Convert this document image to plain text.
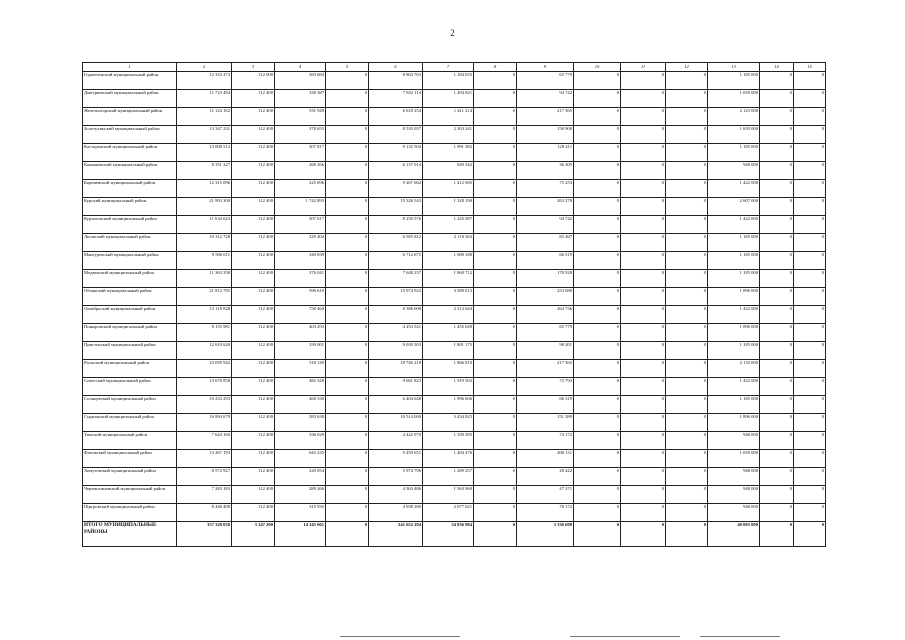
2
1	2	3	4	5	6	7	8	9	10	11	12	13	14	15
Горшеченский муниципальный район	12 333 473	112 000	383 684	0	8 863 763	1 184 655	0	63 779	0	0	0	1 185 000	0	0
Дмитриевский муниципальный район	11 723 484	112 400	330 387	0	7 832 114	1 494 821	0	94 742	0	0	0	1 659 000	0	0
Железногорский муниципальный район	11 124 162	112 400	531 949	0	6 618 254	1 411 214	0	217 365	0	0	0	2 123 000	0	0
Золотухинский муниципальный район	13 347 231	112 400	378 653	0	8 535 037	2 303 241	0	158 900	0	0	0	1 659 000	0	0
Касторенский муниципальный район	13 008 512	112 400	307 817	0	9 132 504	1 991 382	0	129 411	0	0	0	1 185 000	0	0
Конышевский муниципальный район	8 351 327	112 400	268 266	0	6 137 014	849 342	0	36 205	0	0	0	948 000	0	0
Кореневский муниципальный район	12 315 096	112 400	225 696	0	9 267 662	1 412 085	0	75 253	0	0	0	1 422 000	0	0
Курский муниципальный район	21 993 300	112 400	1 742 893	0	15 326 543	1 328 190	0	263 278	0	0	0	2 607 000	0	0
Курчатовский муниципальный район	11 634 623	112 400	507 617	0	8 250 576	1 245 087	0	94 742	0	0	0	1 422 000	0	0
Льговский муниципальный район	10 312 728	112 400	229 404	0	6 585 812	2 118 563	0	83 267	0	0	0	1 185 000	0	0
Мантуровский муниципальный район	9 506 611	112 400	349 839	0	6 712 675	1 080 188	0	66 519	0	0	0	1 185 000	0	0
Медвенский муниципальный район	11 363 358	112 400	376 041	0	7 648 237	1 860 712	0	178 928	0	0	0	1 185 000	0	0
Обоянский муниципальный район	21 812 785	112 400	596 610	0	15 974 922	3 589 013	0	253 680	0	0	0	1 896 000	0	0
Октябрьский муниципальный район	13 118 828	112 400	750 460	0	8 386 608	2 212 644	0	264 736	0	0	0	1 422 000	0	0
Поныровский муниципальный район	8 155 981	112 400	403 293	0	4 253 541	1 455 028	0	65 779	0	0	0	1 896 000	0	0
Пристенский муниципальный район	12 610 620	112 400	339 001	0	9 039 503	1 801 175	0	98 201	0	0	0	1 185 000	0	0
Рыльский муниципальный район	23 059 942	112 400	518 149	0	18 746 218	1 866 810	0	217 365	0	0	0	2 133 000	0	0
Советский муниципальный район	13 678 858	112 400	482 348	0	9 661 823	1 919 502	0	73 793	0	0	0	1 422 000	0	0
Солнцевский муниципальный район	10 233 293	112 400	468 330	0	6 404 648	1 996 606	0	66 319	0	0	0	1 185 000	0	0
Суджанский муниципальный район	16 994 679	112 400	583 638	0	10 514 000	3 434 825	0	151 389	0	0	0	1 896 000	0	0
Тимский муниципальный район	7 644 160	112 400	336 029	0	4 422 970	1 339 395	0	74 172	0	0	0	948 000	0	0
Фатежский муниципальный район	13 267 193	112 400	643 235	0	9 459 651	1 484 476	0	208 131	0	0	0	1 659 000	0	0
Хомутовский муниципальный район	8 572 927	112 400	220 054	0	5 974 796	1 289 257	0	28 422	0	0	0	948 000	0	0
Черемисиновский муниципальный район	7 283 183	112 400	289 266	0	4 363 486	1 563 960	0	47 371	0	0	0	948 000	0	0
Щигровский муниципальный район	8 446 408	112 400	315 935	0	4 938 280	2 077 621	0	76 172	0	0	0	948 000	0	0
ИТОГО МУНИЦИПАЛЬНЫЕ РАЙОНЫ	357 328 038	3 147 200	14 345 001	0	241 652 294	54 836 984	0	3 336 698	0	0	0	40 083 000	0	0
